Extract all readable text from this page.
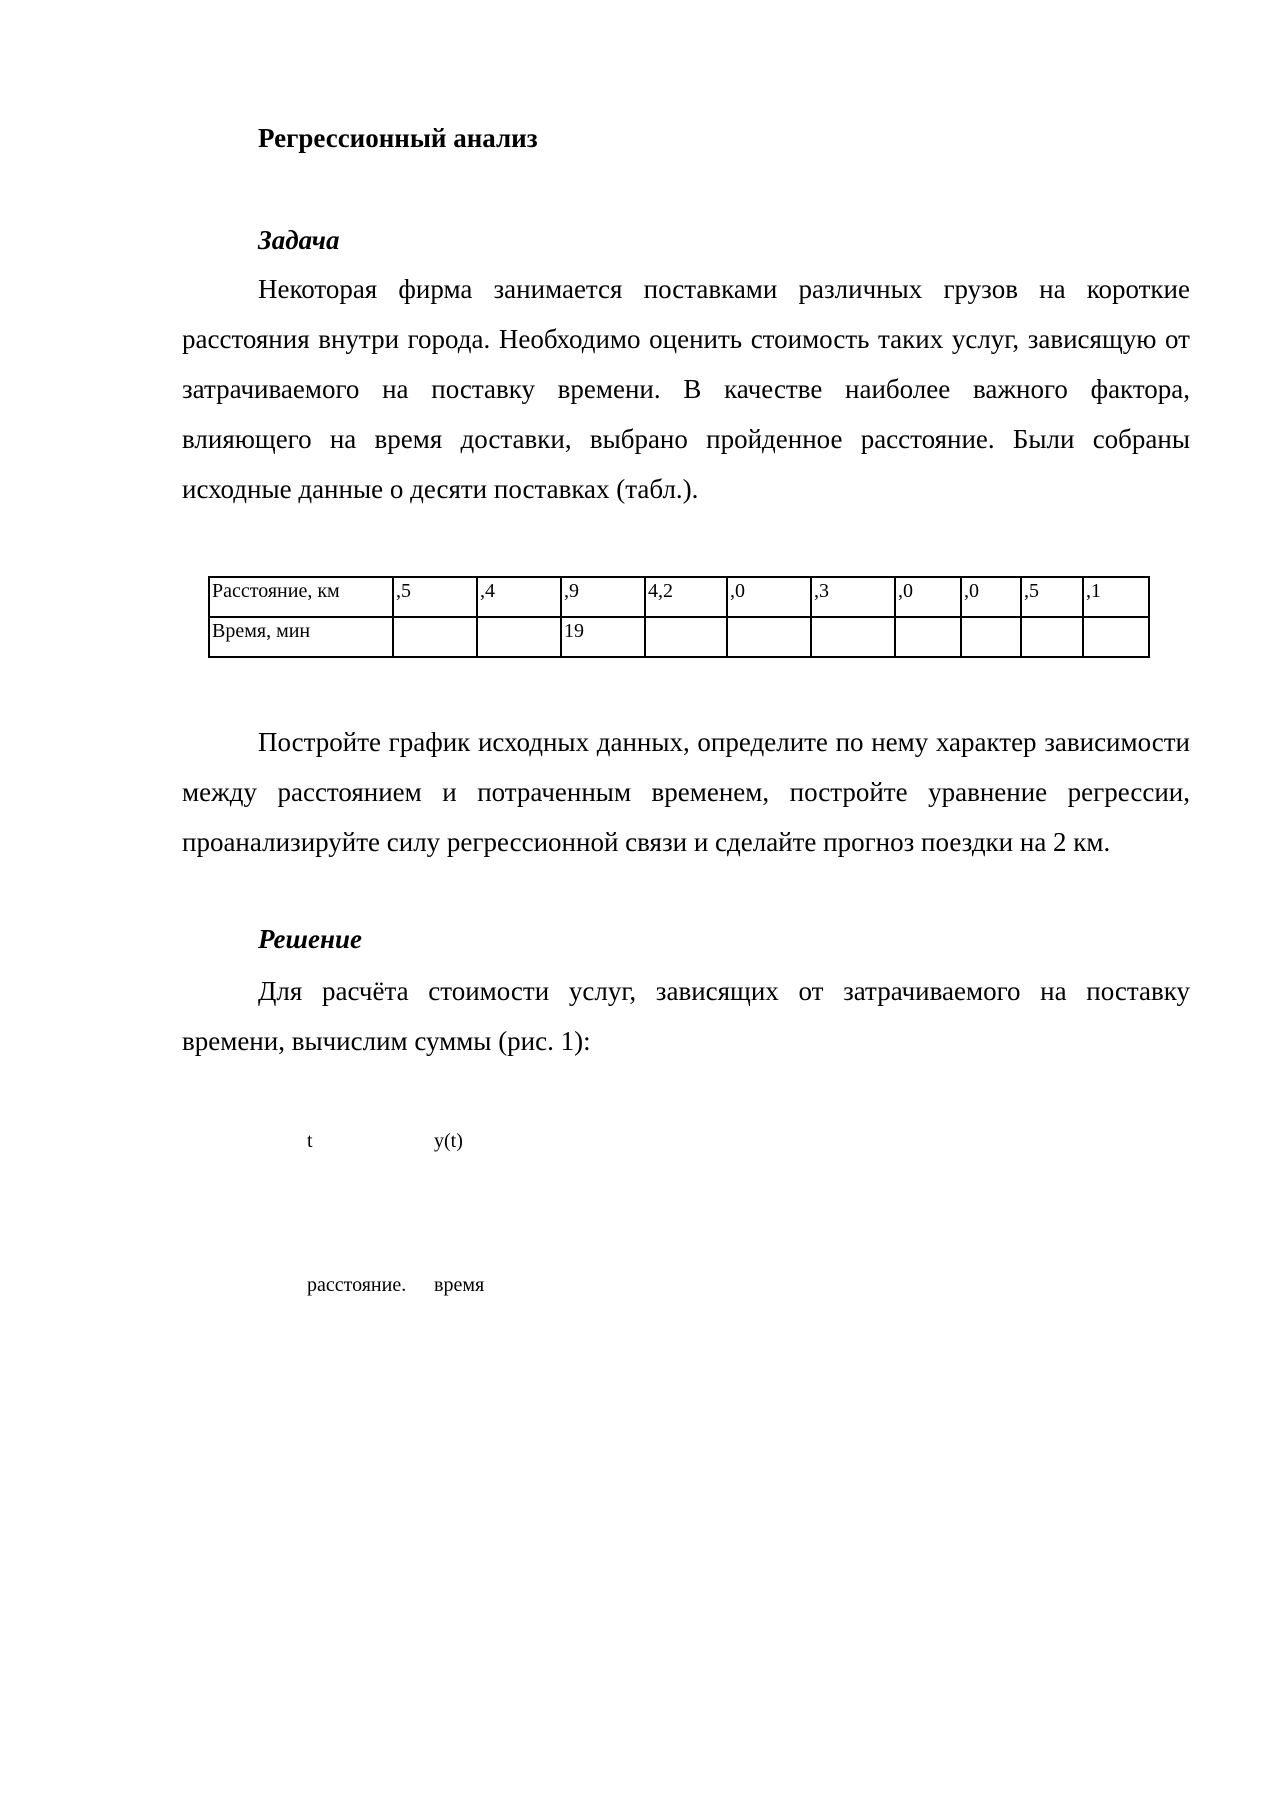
Регрессионный анализ
Задача

Некоторая фирма занимается поставками различных грузов на короткие расстояния внутри города. Необходимо оценить стоимость таких услуг, зависящую от затрачиваемого на поставку времени. В качестве наиболее важного фактора, влияющего на время доставки, выбрано пройденное расстояние. Были собраны исходные данные о десяти поставках (табл.).

Расстояние, км	,5	,4	,9	4,2	,0	,3	,0	,0	,5	,1
Время, мин			19							

Постройте график исходных данных, определите по нему характер зависимости между расстоянием и потраченным временем, постройте уравнение регрессии, проанализируйте силу регрессионной связи и сделайте прогноз поездки на 2 км.

Решение

Для расчёта стоимости услуг, зависящих от затрачиваемого на поставку времени, вычислим суммы (рис. 1):

t	y(t)
расстояние. время
